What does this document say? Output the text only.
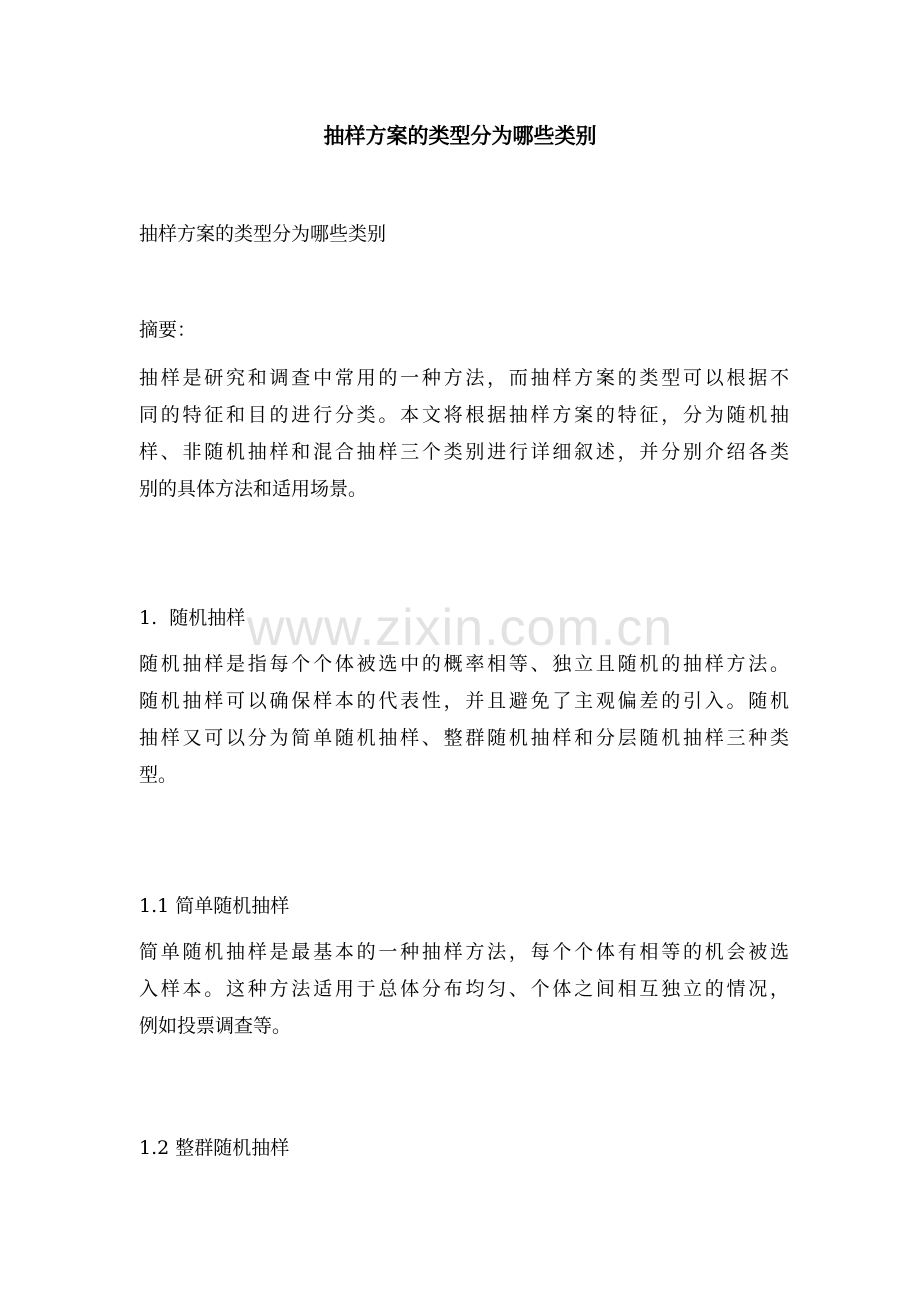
抽样方案的类型分为哪些类别

抽样方案的类型分为哪些类别

摘要：

抽样是研究和调查中常用的一种方法，而抽样方案的类型可以根据不
同的特征和目的进行分类。本文将根据抽样方案的特征，分为随机抽
样、非随机抽样和混合抽样三个类别进行详细叙述，并分别介绍各类
别的具体方法和适用场景。

1.  随机抽样

随机抽样是指每个个体被选中的概率相等、独立且随机的抽样方法。
随机抽样可以确保样本的代表性，并且避免了主观偏差的引入。随机
抽样又可以分为简单随机抽样、整群随机抽样和分层随机抽样三种类
型。

1.1 简单随机抽样

简单随机抽样是最基本的一种抽样方法，每个个体有相等的机会被选
入样本。这种方法适用于总体分布均匀、个体之间相互独立的情况，
例如投票调查等。

1.2 整群随机抽样

www.zixin.com.cn
